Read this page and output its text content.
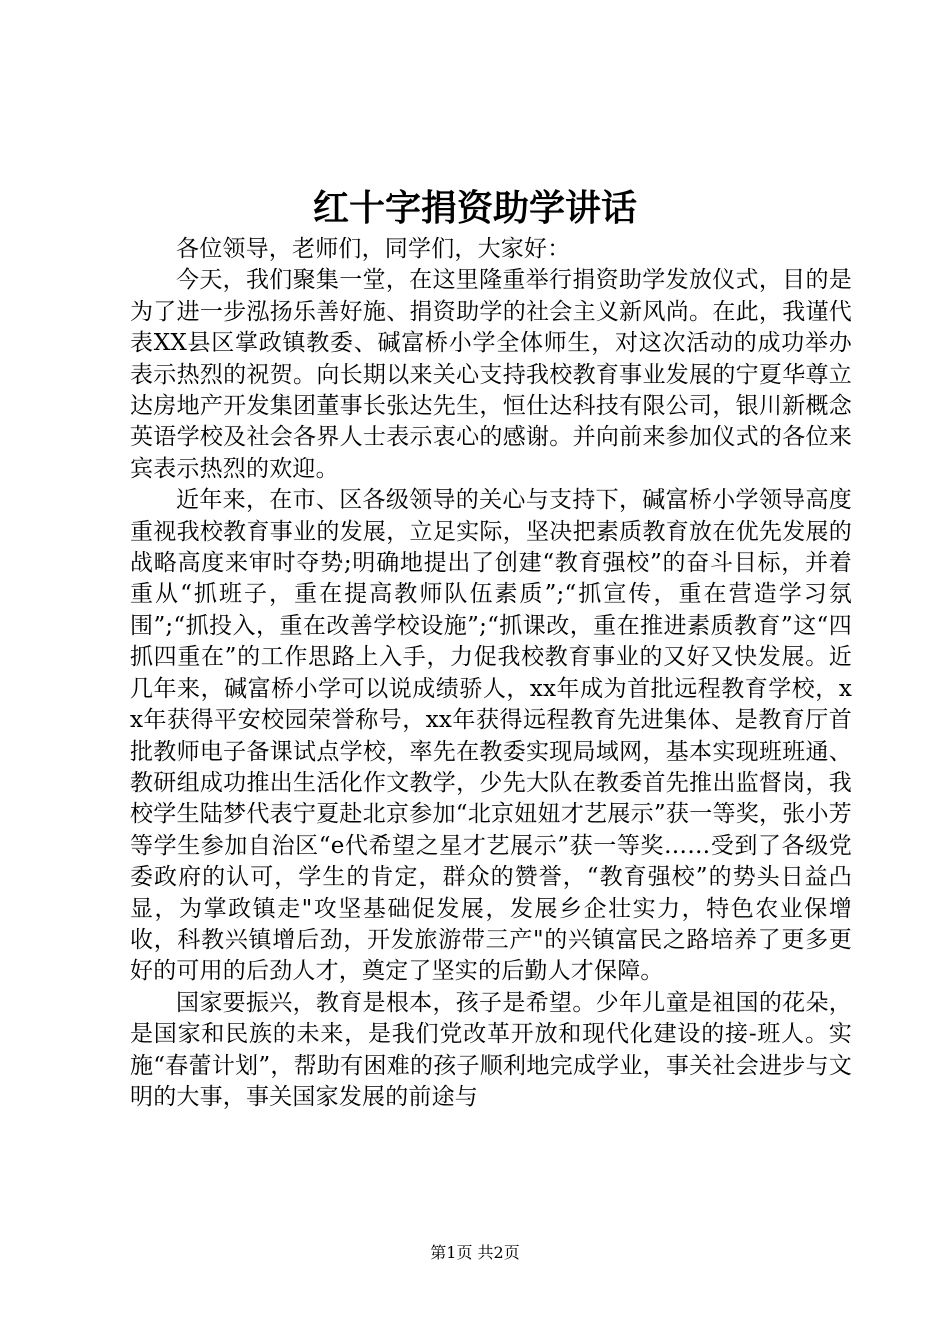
红十字捐资助学讲话

各位领导，老师们，同学们，大家好：

今天，我们聚集一堂，在这里隆重举行捐资助学发放仪式，目的是为了进一步泓扬乐善好施、捐资助学的社会主义新风尚。在此，我谨代表XX县区掌政镇教委、碱富桥小学全体师生，对这次活动的成功举办表示热烈的祝贺。向长期以来关心支持我校教育事业发展的宁夏华尊立达房地产开发集团董事长张达先生，恒仕达科技有限公司，银川新概念英语学校及社会各界人士表示衷心的感谢。并向前来参加仪式的各位来宾表示热烈的欢迎。

近年来，在市、区各级领导的关心与支持下，碱富桥小学领导高度重视我校教育事业的发展，立足实际，坚决把素质教育放在优先发展的战略高度来审时夺势;明确地提出了创建“教育强校”的奋斗目标，并着重从“抓班子，重在提高教师队伍素质”;“抓宣传，重在营造学习氛围”;“抓投入，重在改善学校设施”;“抓课改，重在推进素质教育”这“四抓四重在”的工作思路上入手，力促我校教育事业的又好又快发展。近几年来，碱富桥小学可以说成绩骄人，xx年成为首批远程教育学校，xx年获得平安校园荣誉称号，xx年获得远程教育先进集体、是教育厅首批教师电子备课试点学校，率先在教委实现局域网，基本实现班班通、教研组成功推出生活化作文教学，少先大队在教委首先推出监督岗，我校学生陆梦代表宁夏赴北京参加“北京妞妞才艺展示”获一等奖，张小芳等学生参加自治区“e代希望之星才艺展示”获一等奖……受到了各级党委政府的认可，学生的肯定，群众的赞誉，“教育强校”的势头日益凸显，为掌政镇走"攻坚基础促发展，发展乡企壮实力，特色农业保增收，科教兴镇增后劲，开发旅游带三产"的兴镇富民之路培养了更多更好的可用的后劲人才，奠定了坚实的后勤人才保障。

国家要振兴，教育是根本，孩子是希望。少年儿童是祖国的花朵，是国家和民族的未来，是我们党改革开放和现代化建设的接-班人。实施“春蕾计划”，帮助有困难的孩子顺利地完成学业，事关社会进步与文明的大事，事关国家发展的前途与

第1页 共2页
